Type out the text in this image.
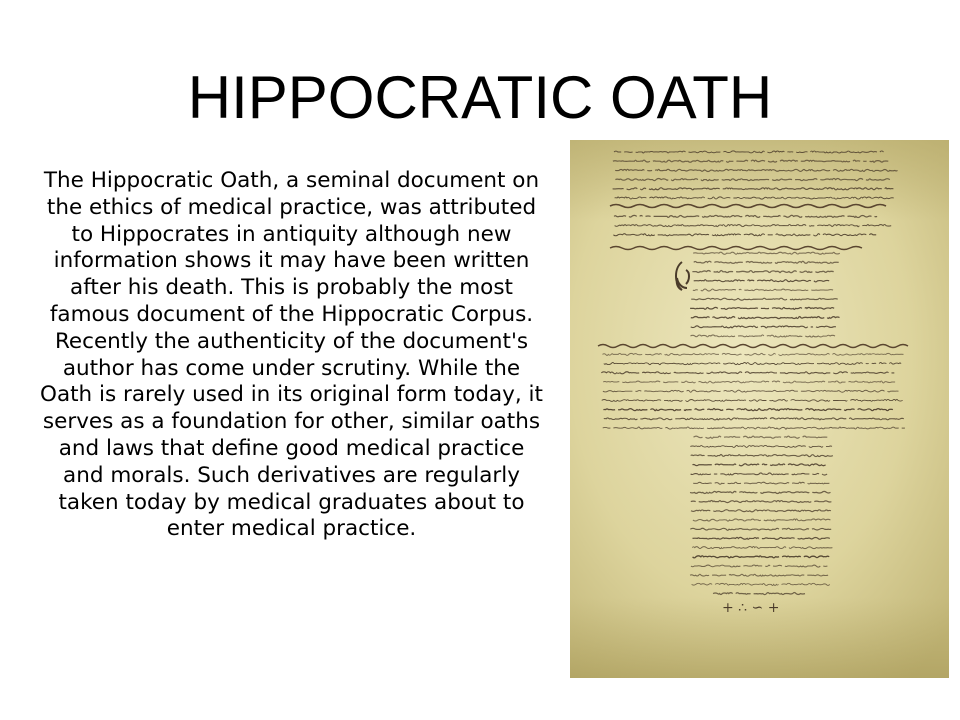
HIPPOCRATIC OATH
The Hippocratic Oath, a seminal document on the ethics of medical practice, was attributed to Hippocrates in antiquity although new information shows it may have been written after his death. This is probably the most famous document of the Hippocratic Corpus. Recently the authenticity of the document's author has come under scrutiny. While the Oath is rarely used in its original form today, it serves as a foundation for other, similar oaths and laws that define good medical practice and morals. Such derivatives are regularly taken today by medical graduates about to enter medical practice.
+ ∴ ∽ +
